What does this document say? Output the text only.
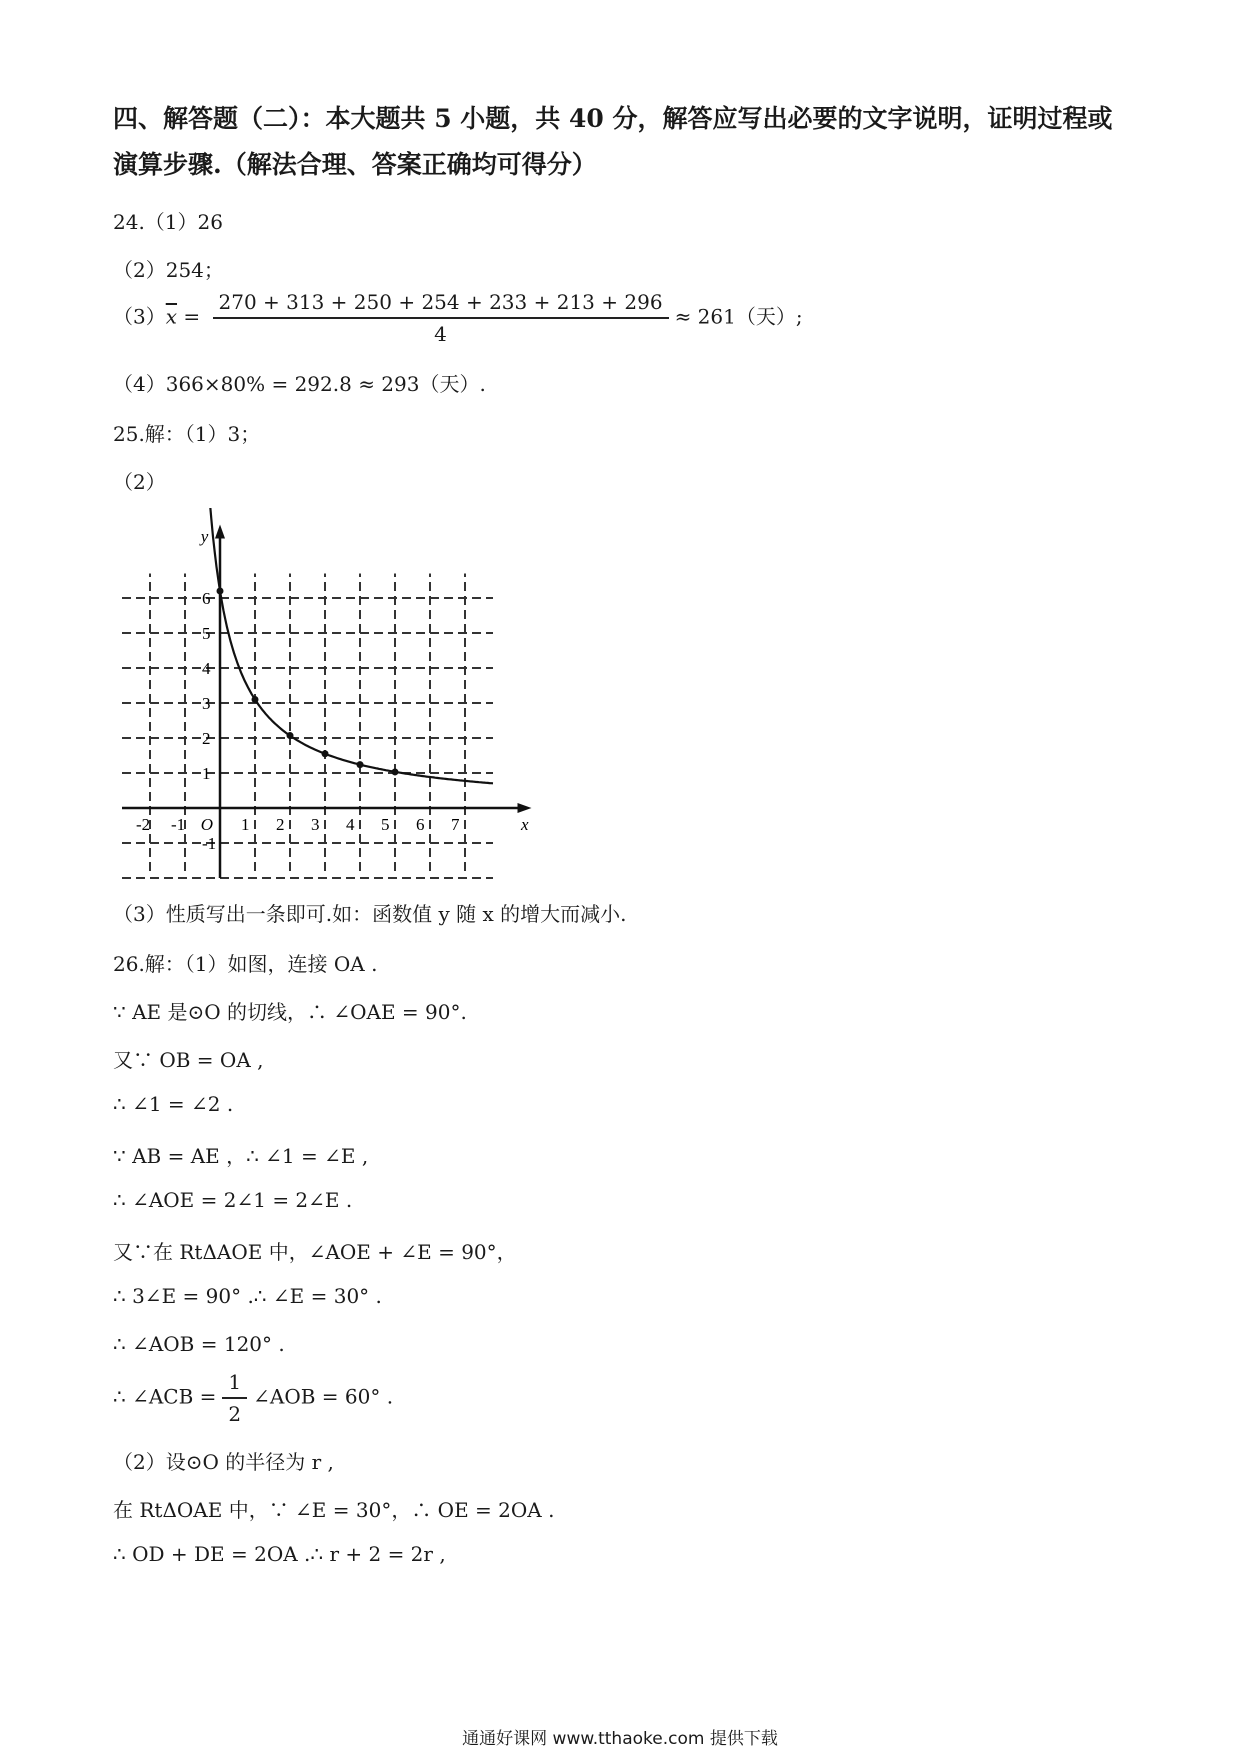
四、解答题（二）：本大题共 5 小题，共 40 分，解答应写出必要的文字说明，证明过程或演算步骤.（解法合理、答案正确均可得分）
24.（1）26
（2）254；
$(3)\overline{x} = \frac{270 + 313 + 250 + 254 + 233 + 213 + 296}{4} \approx 261$（天）;
（4）366×80% = 292.8 ≈ 293（天）.
25.解：（1）3；
（2）
x
y
O
-2 -1	1 2 3 4 5 6 7
-1
1
2
3
4
5
6
（3）性质写出一条即可.如：函数值 y 随 x 的增大而减小.
26.解：（1）如图，连接 OA .
∵ AE 是⊙O 的切线，∴ ∠OAE = 90°.
又∵ OB = OA ,
∴ ∠1 = ∠2 .
∵ AB = AE ，∴ ∠1 = ∠E ,
∴ ∠AOE = 2∠1 = 2∠E .
又∵在 RtΔAOE 中，∠AOE + ∠E = 90°，
∴ 3∠E = 90° .∴ ∠E = 30° .
∴ ∠AOB = 120° .
∴ ∠ACB = $\frac{1}{2}$ ∠AOB = 60° .
（2）设⊙O 的半径为 r ,
在 RtΔOAE 中，∵ ∠E = 30°，∴ OE = 2OA .
∴ OD + DE = 2OA .∴ r + 2 = 2r ,
通通好课网 www.tthaoke.com 提供下载
